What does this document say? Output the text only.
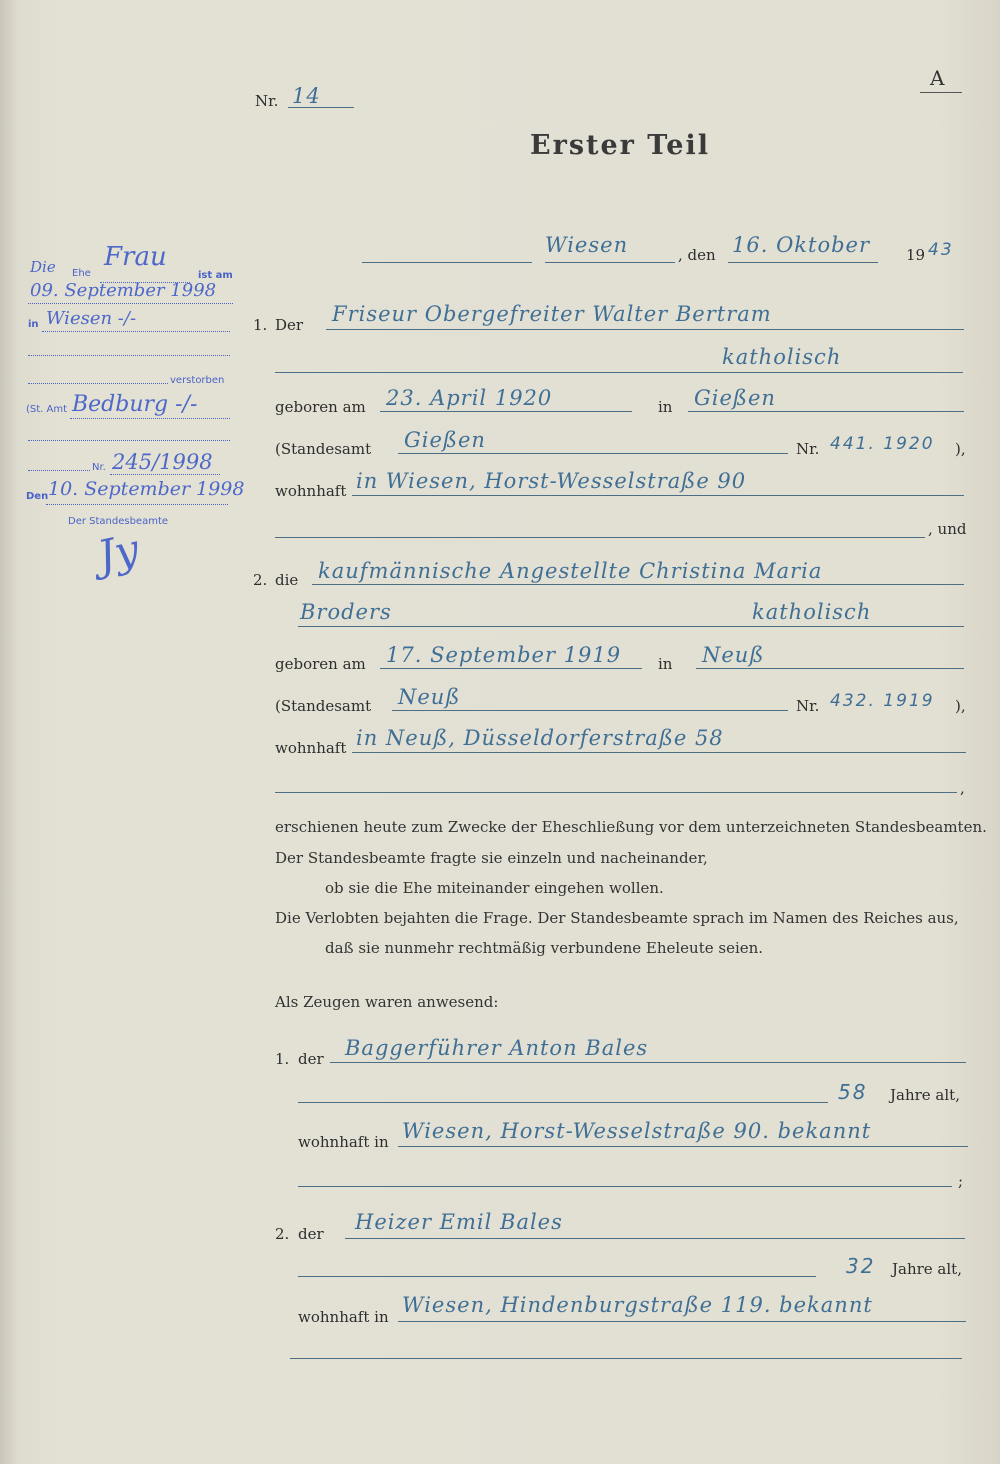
A
Nr. 14
Erster Teil
Wiesen	, den 16. Oktober 19 43
Die Ehe
Frau
ist am
09. September 1998
in Wiesen -/-
verstorben
(St. Amt Bedburg -/-
Nr. 245/1998
Den 10. September 1998
Der Standesbeamte
Jy
1. Der Friseur Obergefreiter Walter Bertram
katholisch
geboren am 23. April 1920	in Gießen
(Standesamt Gießen	Nr. 441. 1920 ),
wohnhaft in Wiesen, Horst-Wesselstraße 90
, und
2. die kaufmännische Angestellte Christina Maria
Broders	katholisch
geboren am 17. September 1919 in Neuß
(Standesamt Neuß	Nr. 432. 1919 ),
wohnhaft in Neuß, Düsseldorferstraße 58
,
erschienen heute zum Zwecke der Eheschließung vor dem unterzeichneten Standesbeamten.
Der Standesbeamte fragte sie einzeln und nacheinander,
ob sie die Ehe miteinander eingehen wollen.
Die Verlobten bejahten die Frage. Der Standesbeamte sprach im Namen des Reiches aus,
daß sie nunmehr rechtmäßig verbundene Eheleute seien.
Als Zeugen waren anwesend:
1. der Baggerführer Anton Bales
58 Jahre alt,
wohnhaft in Wiesen, Horst-Wesselstraße 90. bekannt
;
2. der Heizer Emil Bales
32 Jahre alt,
wohnhaft in Wiesen, Hindenburgstraße 119. bekannt
